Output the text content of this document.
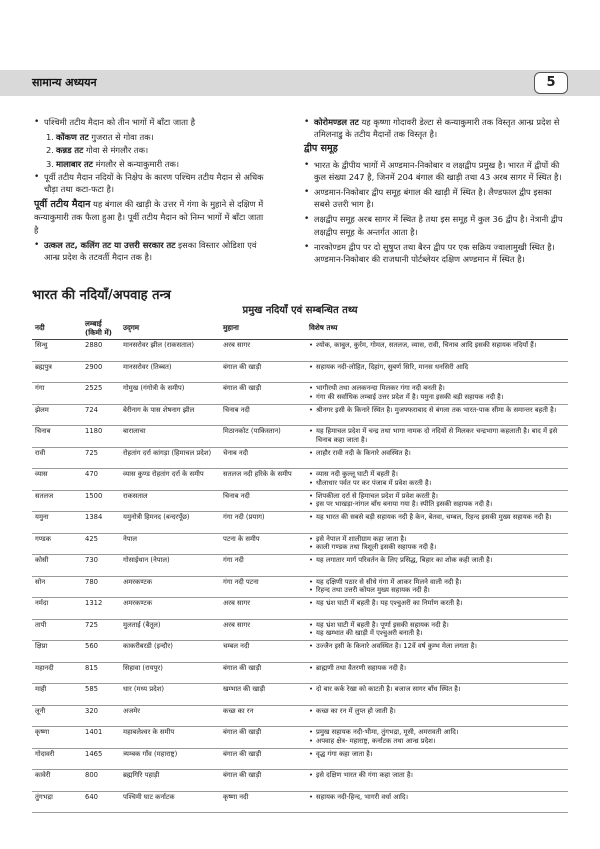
सामान्य अध्ययन	5
• पश्चिमी तटीय मैदान को तीन भागों में बाँटा जाता है
1. कोंकण तट गुजरात से गोवा तक।
2. कन्नड तट गोवा से मंगलौर तक।
3. मालाबार तट मंगलौर से कन्याकुमारी तक।
• पूर्वी तटीय मैदान नदियों के निक्षेप के कारण पश्चिम तटीय मैदान से अधिक चौड़ा तथा कटा-फटा है।
पूर्वी तटीय मैदान यह बंगाल की खाड़ी के उत्तर में गंगा के मुहाने से दक्षिण में कन्याकुमारी तक फैला हुआ है। पूर्वी तटीय मैदान को निम्न भागों में बाँटा जाता है
• उत्कल तट, कलिंग तट या उत्तरी सरकार तट इसका विस्तार ओडिशा एवं आन्ध्र प्रदेश के तटवर्ती मैदान तक है।
• कोरोमण्डल तट यह कृष्णा गोदावरी डेल्टा से कन्याकुमारी तक विस्तृत आन्ध्र प्रदेश से तमिलनाडु के तटीय मैदानों तक विस्तृत है।
द्वीप समूह
• भारत के द्वीपीय भागों में अण्डमान-निकोबार व लक्षद्वीप प्रमुख है। भारत में द्वीपों की कुल संख्या 247 है, जिनमें 204 बंगाल की खाड़ी तथा 43 अरब सागर में स्थित है।
• अण्डमान-निकोबार द्वीप समूह बंगाल की खाड़ी में स्थित है। लैण्डफाल द्वीप इसका सबसे उत्तरी भाग है।
• लक्षद्वीप समूह अरब सागर में स्थित है तथा इस समूह में कुल 36 द्वीप है। नेत्रानी द्वीप लक्षद्वीप समूह के अन्तर्गत आता है।
• नारकोण्डम द्वीप पर दो सुषुप्त तथा बैरन द्वीप पर एक सक्रिय ज्वालामुखी स्थित है। अण्डमान-निकोबार की राजधानी पोर्टब्लेयर दक्षिण अण्डमान में स्थित है।
भारत की नदियाँ/अपवाह तन्त्र
प्रमुख नदियाँ एवं सम्बन्धित तथ्य
नदी	लम्बाई (किमी में)	उद्‌गम	मुहाना	विशेष तथ्य
सिन्धु	2880	मानसरोवर झील (राकसताल)	अरब सागर	• श्योक, काबुल, कुर्रम, गोमल, सतलज, व्यास, रावी, चिनाब आदि इसकी सहायक नदियाँ हैं।

ब्रह्मपुत्र	2900	मानसरोवर (तिब्बत)	बंगाल की खाड़ी	• सहायक नदी-लोहित, दिहांग, सुबर्ण सिरि, मानस धनसिरी आदि

गंगा	2525	गोमुख (गंगोत्री के समीप)	बंगाल की खाड़ी	• भागीरथी तथा अलकनन्दा मिलकर गंगा नदी बनती है।
• गंगा की सर्वाधिक लम्बाई उत्तर प्रदेश में है। यमुना इसकी बड़ी सहायक नदी है।

झेलम	724	बेरीनाग के पास शेषनाग झील	चिनाब नदी	• श्रीनगर इसी के किनारे स्थित है। मुजफ्फराबाद से बंगला तक भारत-पाक सीमा के समान्तर बहती है।

चिनाब	1180	बारालाचा	मिठानकोट (पाकिस्तान)	• यह हिमाचल प्रदेश में चन्द्र तथा भागा नामक दो नदियों से मिलकर चन्द्रभागा कहलाती है। बाद में इसे चिनाब कहा जाता है।

रावी	725	रोहतांग दर्रा कांगड़ा (हिमाचल प्रदेश)	चेनाब नदी	• लाहौर रावी नदी के किनारे अवस्थित है।

व्यास	470	व्यास कुण्ड रोहतांग दर्रा के समीप	सतलज नदी हरिके के समीप	• व्यास नदी कुल्लू घाटी में बहती है।
• धौलाधार पर्वत पर कर पंजाब में प्रवेश करती है।

सतलज	1500	राकसताल	चिनाब नदी	• शिपकीला दर्रा से हिमाचल प्रदेश में प्रवेश करती है।
• इस पर भाखड़ा-नांगल बाँध बनाया गया है। स्पीति इसकी सहायक नदी है।

यमुना	1384	यमुनोत्री हिमनद (बन्दरपूँछ)	गंगा नदी (प्रयाग)	• यह भारत की सबसे बड़ी सहायक नदी है केन, बेतवा, चम्बल, रिहन्द इसकी मुख्य सहायक नदी है।

गण्डक	425	नेपाल	पटना के समीप	• इसे नेपाल में शालीग्राम कहा जाता है।
• काली गण्डक तथा त्रिशूली इसकी सहायक नदी है।

कोसी	730	गोसाईथान (नेपाल)	गंगा नदी	• यह लगातार मार्ग परिवर्तन के लिए प्रसिद्ध, बिहार का शोक कही जाती है।

सोन	780	अमरकण्टक	गंगा नदी पटना	• यह दक्षिणी पठार से सीधे गंगा में आकर मिलने वाली नदी है।
• रिहन्द तथा उत्तरी कोयल मुख्य सहायक नदी है।

नर्मदा	1312	अमरकण्टक	अरब सागर	• यह भ्रंश घाटी में बहती है। यह एश्चुअरी का निर्माण करती है।

तापी	725	मुलताई (बैतूल)	अरब सागर	• यह भ्रंश घाटी में बहती है। पूर्णा इसकी सहायक नदी है।
• यह खम्भात की खाड़ी में एश्चुअरी बनाती है।

क्षिप्रा	560	काकरीबरडी (इन्दौर)	चम्बल नदी	• उज्जैन इसी के किनारे अवस्थित है। 12वें वर्ष कुम्भ मेला लगता है।

महानदी	815	सिहावा (रायपुर)	बंगाल की खाड़ी	• ब्राह्मणी तथा वैतरणी सहायक नदी है।

माही	585	धार (मध्य प्रदेश)	खम्भात की खाड़ी	• दो बार कर्क रेखा को काटती है। बजाज सागर बाँध स्थित है।

लूनी	320	अजमेर	कच्छ का रन	• कच्छ का रन में लुप्त हो जाती है।

कृष्णा	1401	महाबलेश्वर के समीप	बंगाल की खाड़ी	• प्रमुख सहायक नदी-भीमा, तुंगभद्रा, मूसी, अमरावती आदि।
• अपवाह क्षेत्र- महाराष्ट्र, कर्नाटक तथा आन्ध्र प्रदेश।

गोदावरी	1465	त्र्यम्बक गाँव (महाराष्ट्र)	बंगाल की खाड़ी	• वृद्ध गंगा कहा जाता है।

कावेरी	800	ब्रह्मगिरि पहाड़ी	बंगाल की खाड़ी	• इसे दक्षिण भारत की गंगा कहा जाता है।

तुंगभद्रा	640	पश्चिमी घाट कर्नाटक	कृष्णा नदी	• सहायक नदी-हिन्द, भागरी वर्धा आदि।
